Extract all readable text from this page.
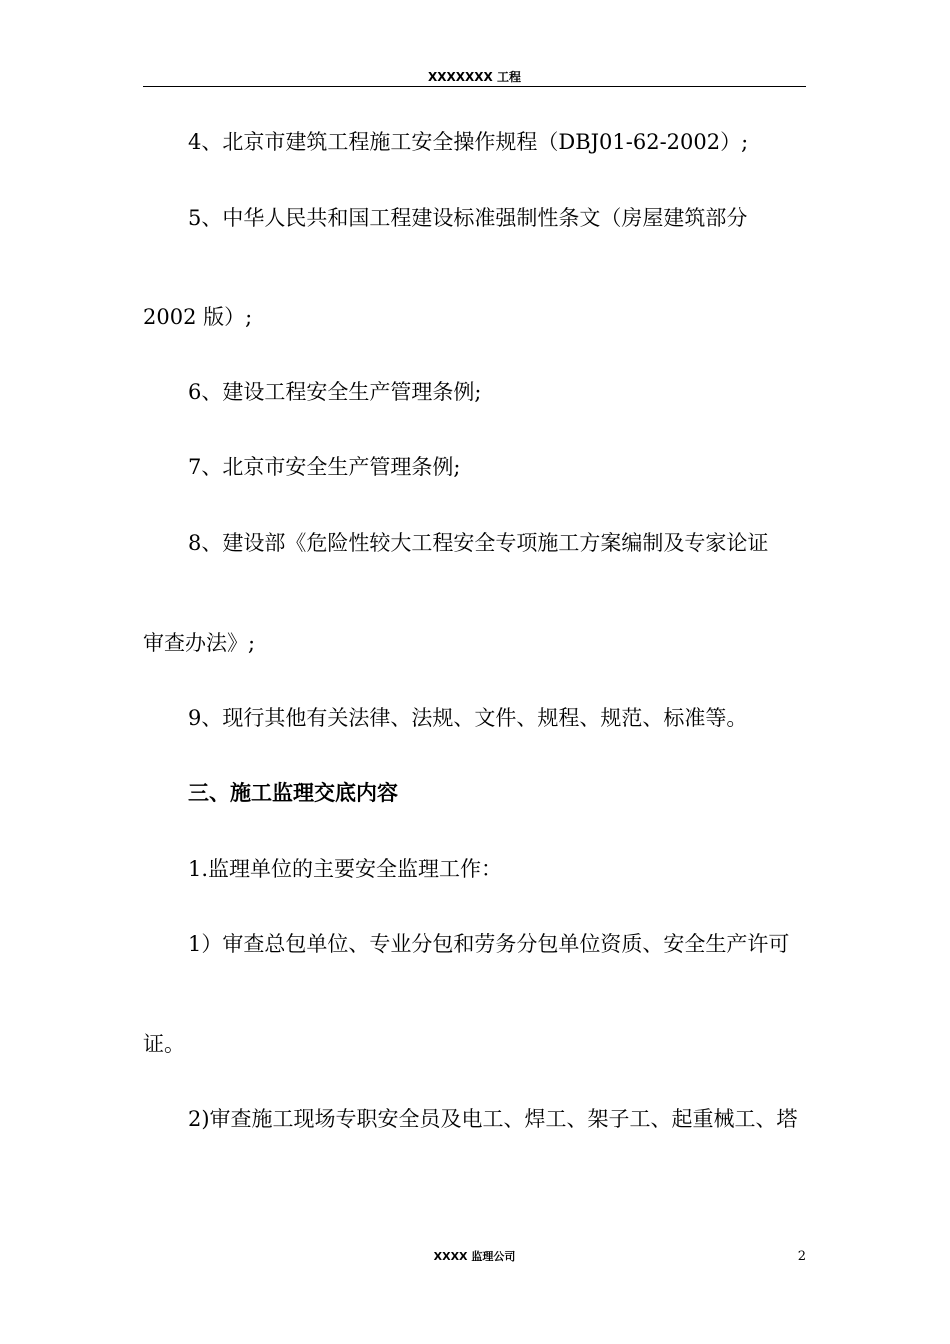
XXXXXXX 工程
4、北京市建筑工程施工安全操作规程（DBJ01-62-2002）;
5、中华人民共和国工程建设标准强制性条文（房屋建筑部分
2002 版）;
6、建设工程安全生产管理条例;
7、北京市安全生产管理条例;
8、建设部《危险性较大工程安全专项施工方案编制及专家论证
审查办法》;
9、现行其他有关法律、法规、文件、规程、规范、标准等。
三、施工监理交底内容
1.监理单位的主要安全监理工作：
1）审查总包单位、专业分包和劳务分包单位资质、安全生产许可
证。
2)审查施工现场专职安全员及电工、焊工、架子工、起重械工、塔
XXXX 监理公司	2
